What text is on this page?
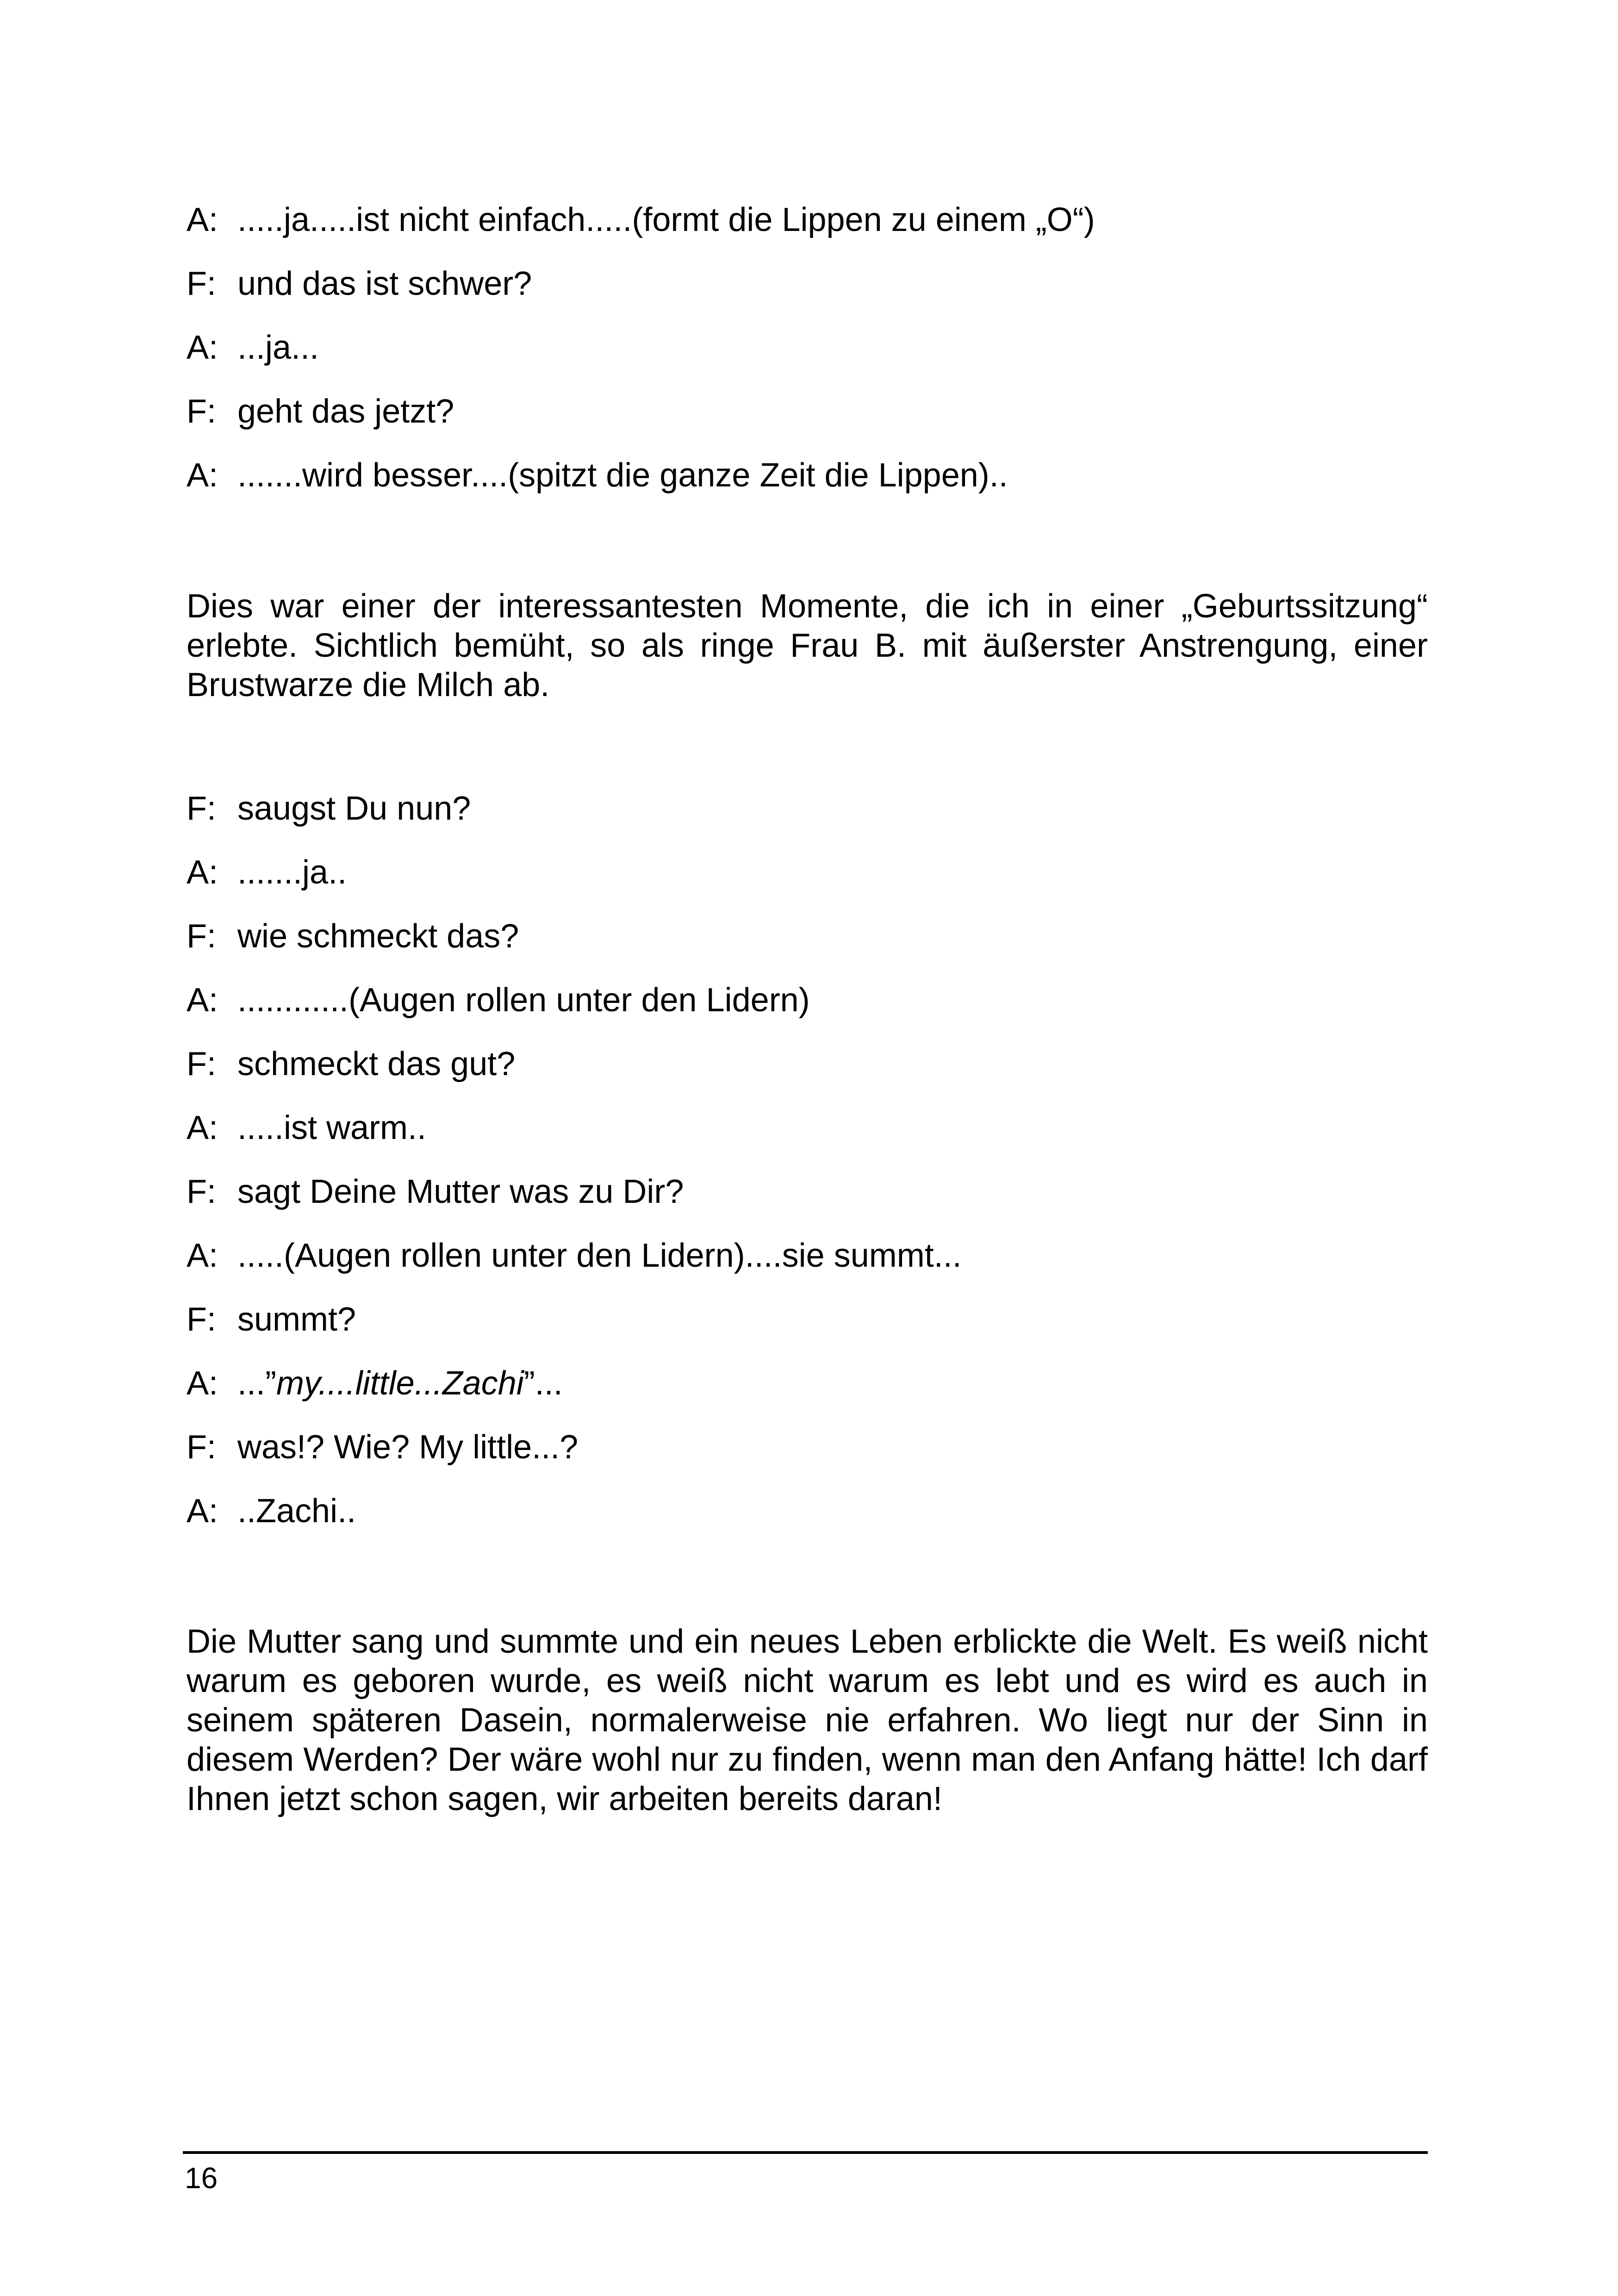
A: .....ja.....ist nicht einfach.....(formt die Lippen zu einem „O“)
F: und das ist schwer?
A: ...ja...
F: geht das jetzt?
A: .......wird besser....(spitzt die ganze Zeit die Lippen)..

Dies war einer der interessantesten Momente, die ich in einer „Geburtssitzung“ erlebte. Sichtlich bemüht, so als ringe Frau B. mit äußerster Anstrengung, einer Brustwarze die Milch ab.

F: saugst Du nun?
A: .......ja..
F: wie schmeckt das?
A: ............(Augen rollen unter den Lidern)
F: schmeckt das gut?
A: .....ist warm..
F: sagt Deine Mutter was zu Dir?
A: .....(Augen rollen unter den Lidern)....sie summt...
F: summt?
A: ...”my....little...Zachi”...
F: was!? Wie? My little...?
A: ..Zachi..

Die Mutter sang und summte und ein neues Leben erblickte die Welt. Es weiß nicht warum es geboren wurde, es weiß nicht warum es lebt und es wird es auch in seinem späteren Dasein, normalerweise nie erfahren. Wo liegt nur der Sinn in diesem Werden? Der wäre wohl nur zu finden, wenn man den Anfang hätte! Ich darf Ihnen jetzt schon sagen, wir arbeiten bereits daran!

16
